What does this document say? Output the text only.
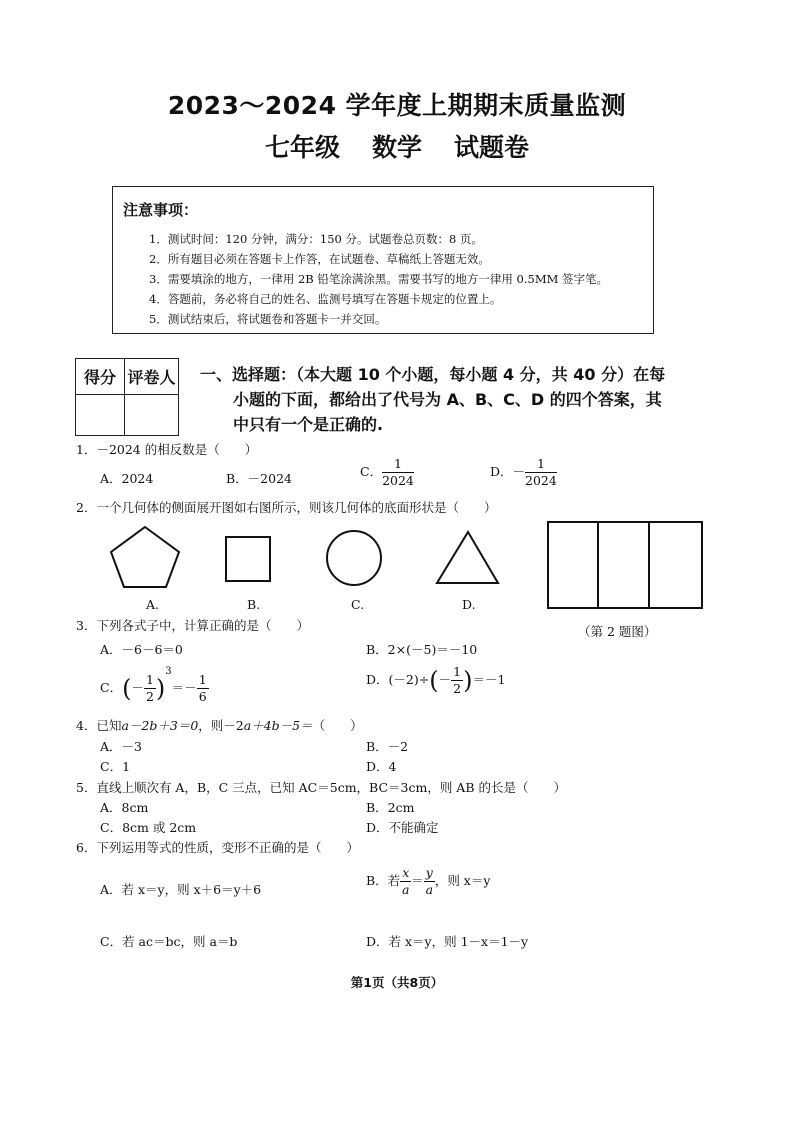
2023～2024 学年度上期期末质量监测
七年级 数学 试题卷
注意事项：
1．测试时间：120 分钟，满分：150 分。试题卷总页数：8 页。
2．所有题目必须在答题卡上作答，在试题卷、草稿纸上答题无效。
3．需要填涂的地方，一律用 2B 铅笔涂满涂黑。需要书写的地方一律用 0.5MM 签字笔。
4．答题前，务必将自己的姓名、监测号填写在答题卡规定的位置上。
5．测试结束后，将试题卷和答题卡一并交回。
得分	评卷人
	一、选择题：（本大题 10 个小题，每小题 4 分，共 40 分）在每
小题的下面，都给出了代号为 A、B、C、D 的四个答案，其
中只有一个是正确的.
1．－2024 的相反数是（　　）
A．2024	B．－2024	C． $\frac{1}{2024}$	D．－ $\frac{1}{2024}$
2．一个几何体的侧面展开图如右图所示，则该几何体的底面形状是（　　）
A.	B.	C.	D.
（第 2 题图）
3．下列各式子中，计算正确的是（　　）
A．－6－6＝0	B．2×(－5)＝－10
C．(－ $\frac{1}{2} )^3=- \frac{1}{6}$	D．$(-2)\div(- \frac{1}{2} )=-1$
4．已知a－2b＋3＝0，则－2a＋4b－5＝（　　）
A．－3	B．－2
C．1	D．4
5．直线上顺次有 A，B，C 三点，已知 AC＝5cm，BC＝3cm，则 AB 的长是（　　）
A．8cm	B．2cm
C．8cm 或 2cm	D．不能确定
6．下列运用等式的性质，变形不正确的是（　　）
A．若 x＝y，则 x＋6＝y＋6
B．若 $\frac{x}{a} = \frac{y}{a}$ ，则 x＝y
C．若 ac＝bc，则 a＝b	D．若 x＝y，则 1－x＝1－y
第1页（共8页）
